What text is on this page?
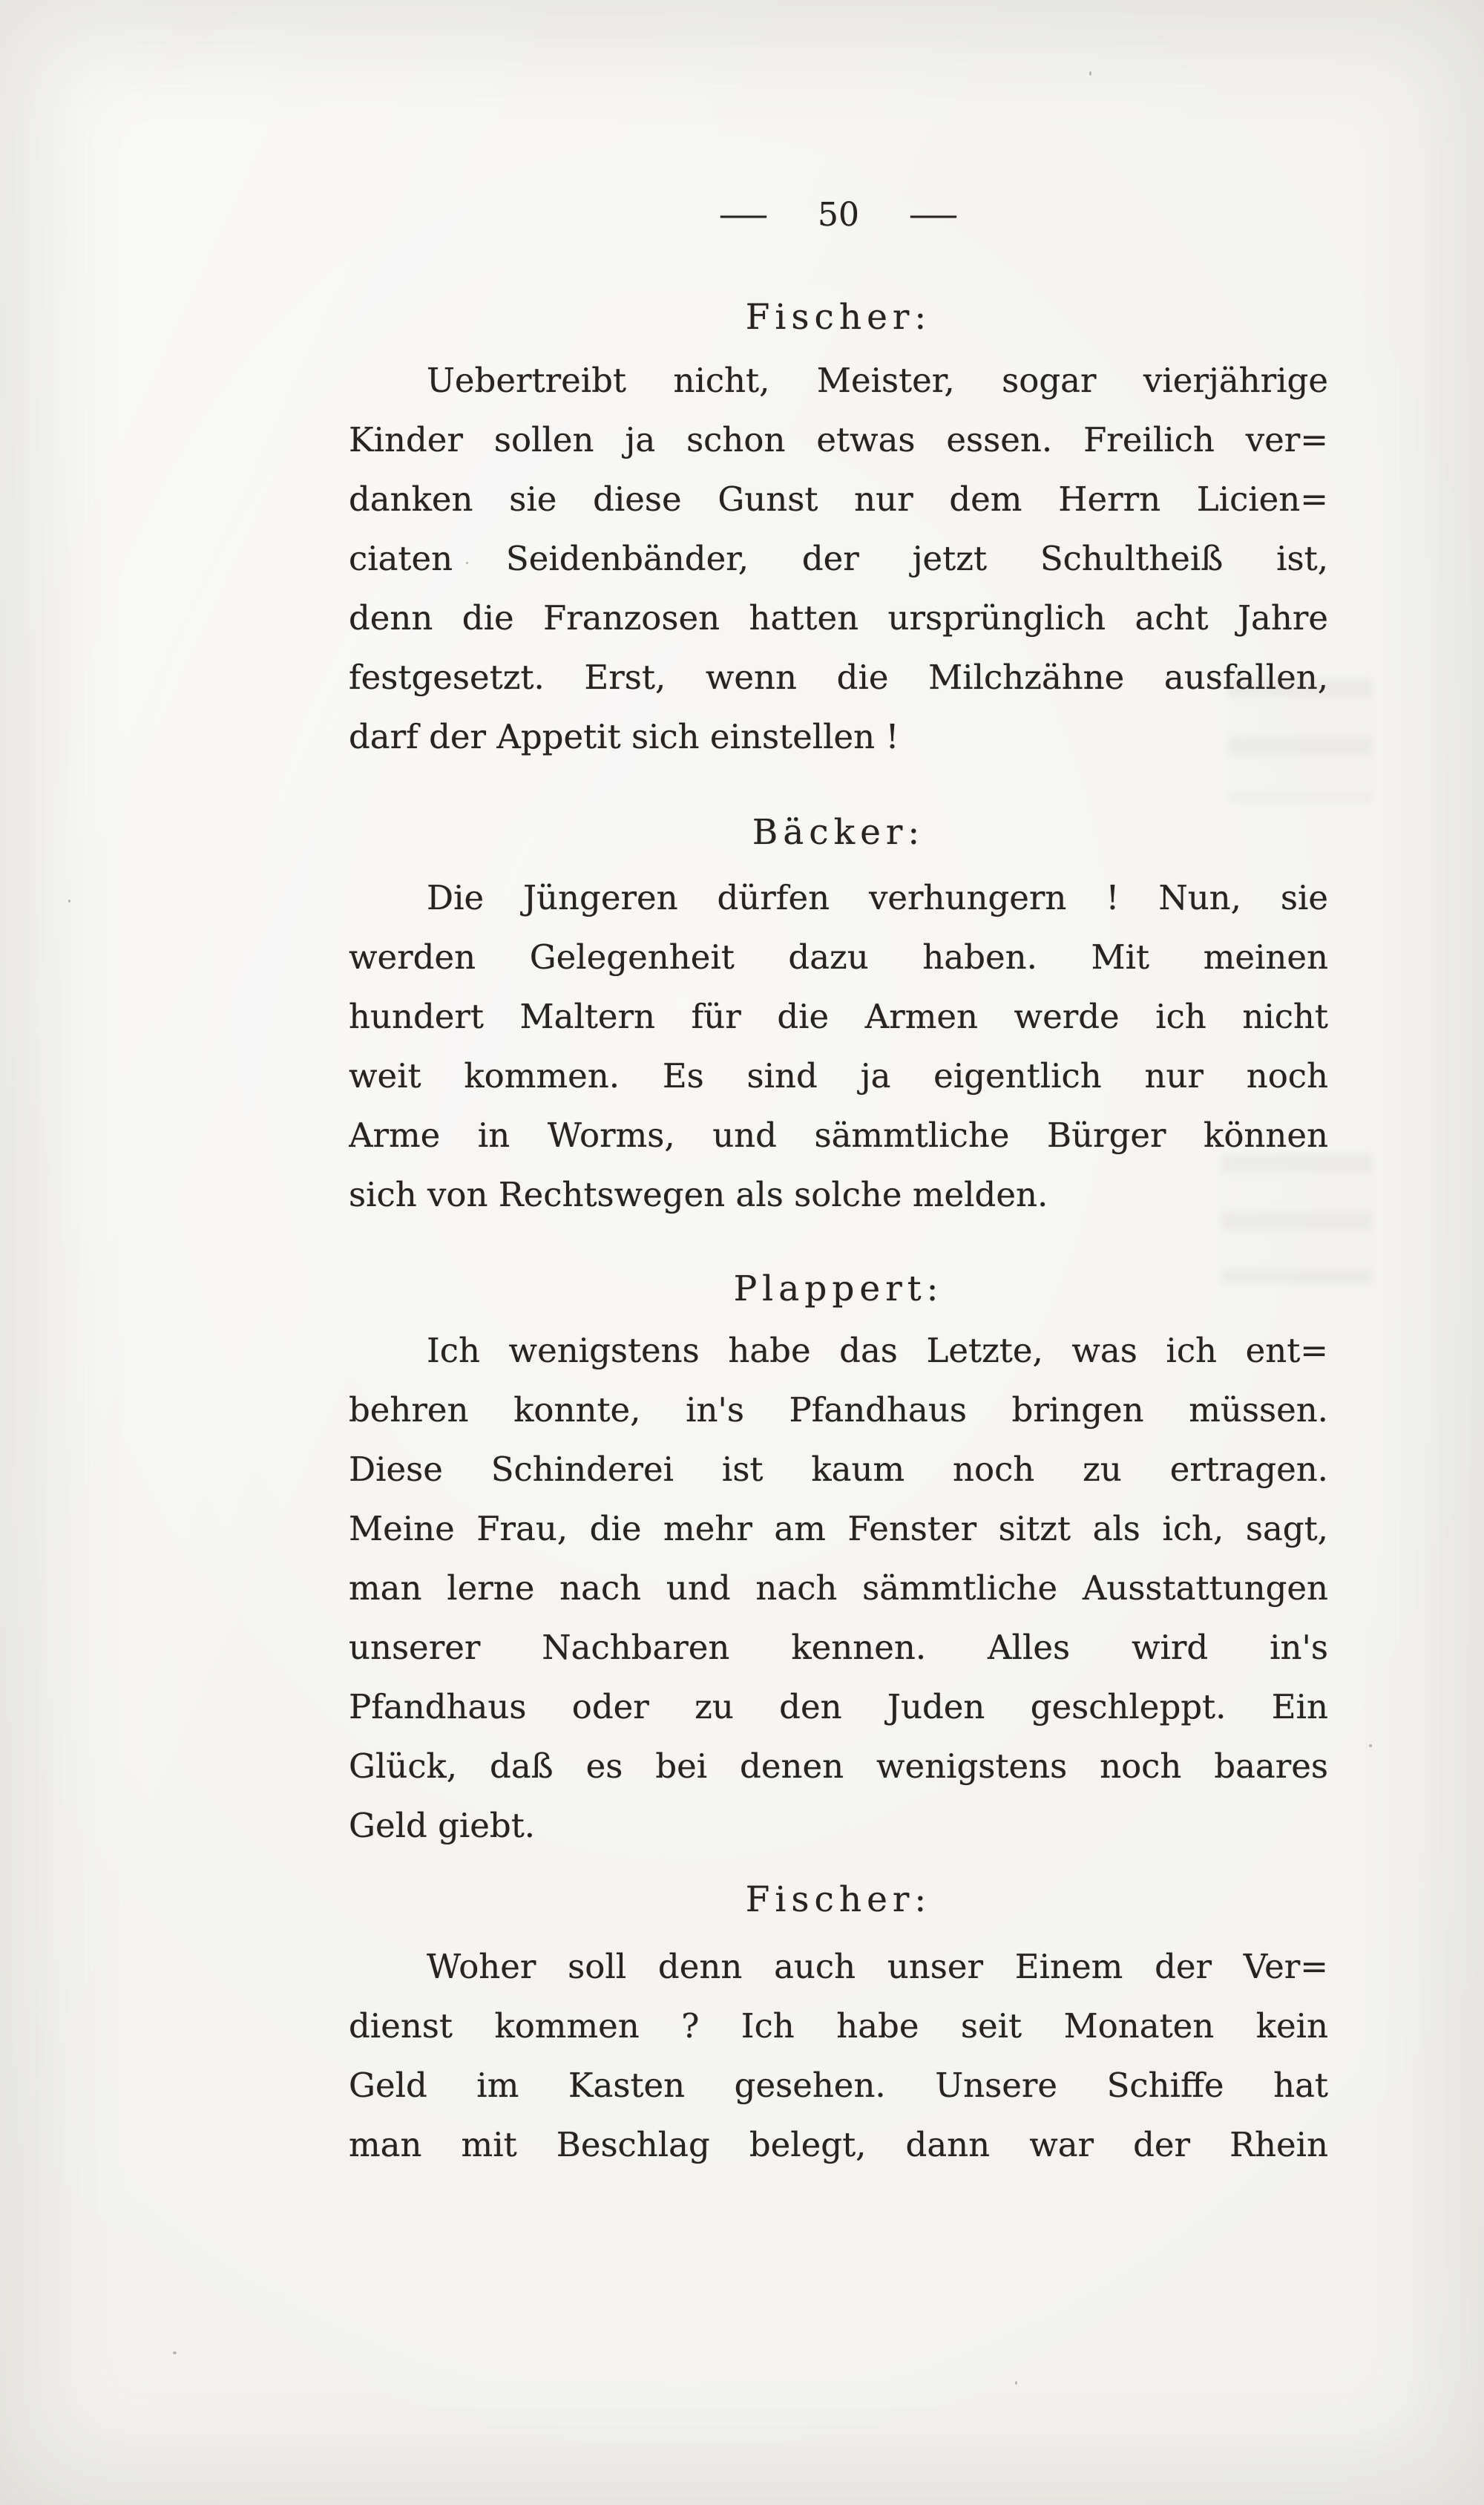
— 50 —
Fischer:
Uebertreibt nicht, Meister, sogar vierjährige
Kinder sollen ja schon etwas essen. Freilich ver=
danken sie diese Gunst nur dem Herrn Licien=
ciaten Seidenbänder, der jetzt Schultheiß ist,
denn die Franzosen hatten ursprünglich acht Jahre
festgesetzt. Erst, wenn die Milchzähne ausfallen,
darf der Appetit sich einstellen !
Bäcker:
Die Jüngeren dürfen verhungern ! Nun, sie
werden Gelegenheit dazu haben. Mit meinen
hundert Maltern für die Armen werde ich nicht
weit kommen. Es sind ja eigentlich nur noch
Arme in Worms, und sämmtliche Bürger können
sich von Rechtswegen als solche melden.
Plappert:
Ich wenigstens habe das Letzte, was ich ent=
behren konnte, in's Pfandhaus bringen müssen.
Diese Schinderei ist kaum noch zu ertragen.
Meine Frau, die mehr am Fenster sitzt als ich, sagt,
man lerne nach und nach sämmtliche Ausstattungen
unserer Nachbaren kennen. Alles wird in's
Pfandhaus oder zu den Juden geschleppt. Ein
Glück, daß es bei denen wenigstens noch baares
Geld giebt.
Fischer:
Woher soll denn auch unser Einem der Ver=
dienst kommen ? Ich habe seit Monaten kein
Geld im Kasten gesehen. Unsere Schiffe hat
man mit Beschlag belegt, dann war der Rhein
